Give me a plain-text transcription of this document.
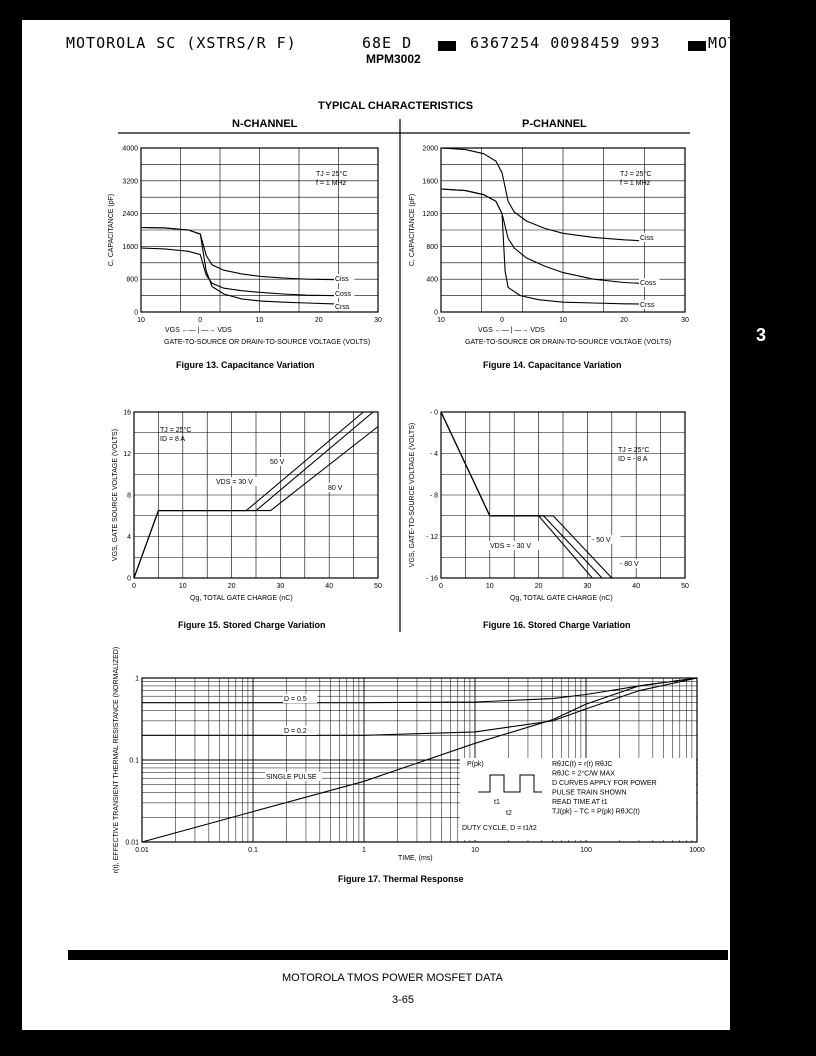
3
MOTOROLA SC (XSTRS/R F)	68E D	6367254 0098459 993	MOT6
MPM3002
TYPICAL CHARACTERISTICS
N-CHANNEL	P-CHANNEL
10	0	10	20	30
0
800
1600
2400
3200
4000
Ciss
Coss
Crss
TJ = 25°C
f = 1 MHz
VGS ←— | —→ VDS
GATE-TO-SOURCE OR DRAIN-TO-SOURCE VOLTAGE (VOLTS)
C, CAPACITANCE (pF)
Figure 13. Capacitance Variation
10	0	10	20	30
0
400
800
1200
1600
2000
Ciss
Coss
Crss
TJ = 25°C
f = 1 MHz
VGS ←— | —→ VDS
GATE-TO-SOURCE OR DRAIN-TO-SOURCE VOLTAGE (VOLTS)
C, CAPACITANCE (pF)
Figure 14. Capacitance Variation
0	10	20	30	40	50
0
4
8
12
16
VDS = 30 V
50 V
80 V
TJ = 25°C
ID = 8 A
Qg, TOTAL GATE CHARGE (nC)
VGS, GATE SOURCE VOLTAGE (VOLTS)
Figure 15. Stored Charge Variation
0	10	20	30	40	50
- 16
- 12
- 8
- 4
- 0
VDS = - 30 V
- 50 V
- 80 V
TJ = 25°C
ID = - 8 A
Qg, TOTAL GATE CHARGE (nC)
VGS, GATE-TO-SOURCE VOLTAGE (VOLTS)
Figure 16. Stored Charge Variation
0.01	0.1	1	10	100	1000
0.01
0.1
1
D = 0.5
D = 0.2
SINGLE PULSE
TIME, (ms)
r(t), EFFECTIVE TRANSIENT THERMAL RESISTANCE (NORMALIZED)
Figure 17. Thermal Response
P(pk)
t1
t2
DUTY CYCLE, D = t1/t2
RθJC(t) = r(t) RθJC
RθJC = 2°C/W MAX
D CURVES APPLY FOR POWER
PULSE TRAIN SHOWN
READ TIME AT t1
TJ(pk) − TC = P(pk) RθJC(t)
MOTOROLA TMOS POWER MOSFET DATA
3-65
